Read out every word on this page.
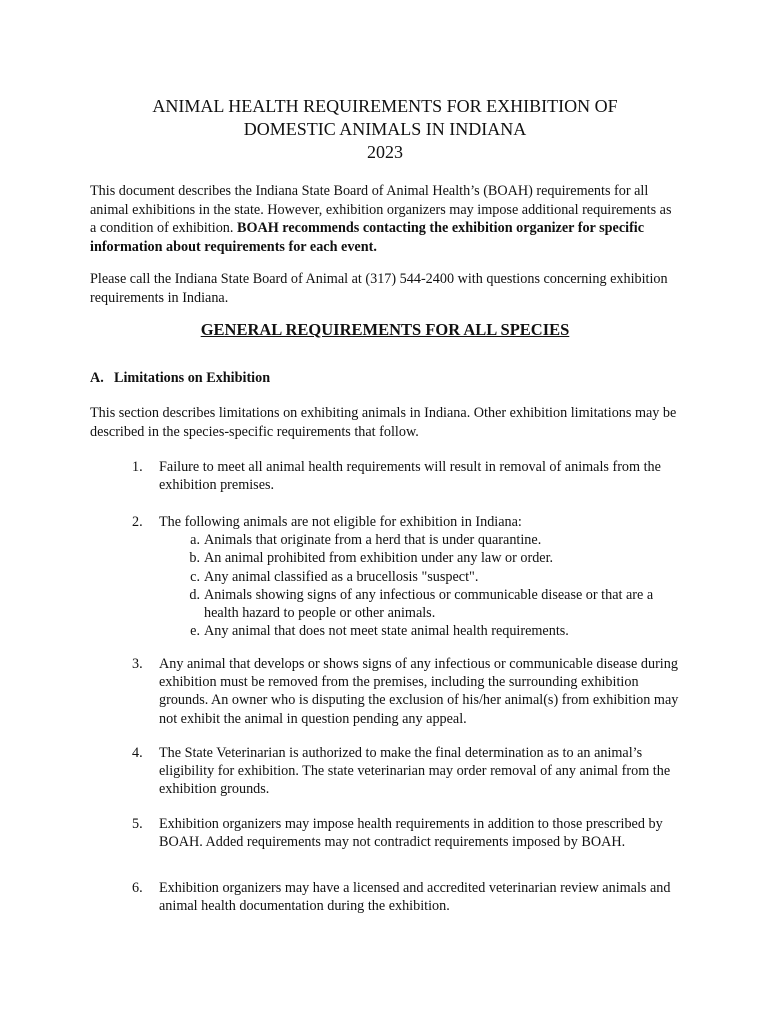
ANIMAL HEALTH REQUIREMENTS FOR EXHIBITION OF
DOMESTIC ANIMALS IN INDIANA
2023
This document describes the Indiana State Board of Animal Health’s (BOAH) requirements for all animal exhibitions in the state. However, exhibition organizers may impose additional requirements as a condition of exhibition. BOAH recommends contacting the exhibition organizer for specific information about requirements for each event.
Please call the Indiana State Board of Animal at (317) 544-2400 with questions concerning exhibition requirements in Indiana.
GENERAL REQUIREMENTS FOR ALL SPECIES
A. Limitations on Exhibition
This section describes limitations on exhibiting animals in Indiana. Other exhibition limitations may be described in the species-specific requirements that follow.
1. Failure to meet all animal health requirements will result in removal of animals from the exhibition premises.
2. The following animals are not eligible for exhibition in Indiana:
a. Animals that originate from a herd that is under quarantine.
b. An animal prohibited from exhibition under any law or order.
c. Any animal classified as a brucellosis "suspect".
d. Animals showing signs of any infectious or communicable disease or that are a health hazard to people or other animals.
e. Any animal that does not meet state animal health requirements.
3. Any animal that develops or shows signs of any infectious or communicable disease during exhibition must be removed from the premises, including the surrounding exhibition grounds. An owner who is disputing the exclusion of his/her animal(s) from exhibition may not exhibit the animal in question pending any appeal.
4. The State Veterinarian is authorized to make the final determination as to an animal’s eligibility for exhibition. The state veterinarian may order removal of any animal from the exhibition grounds.
5. Exhibition organizers may impose health requirements in addition to those prescribed by BOAH. Added requirements may not contradict requirements imposed by BOAH.
6. Exhibition organizers may have a licensed and accredited veterinarian review animals and animal health documentation during the exhibition.
